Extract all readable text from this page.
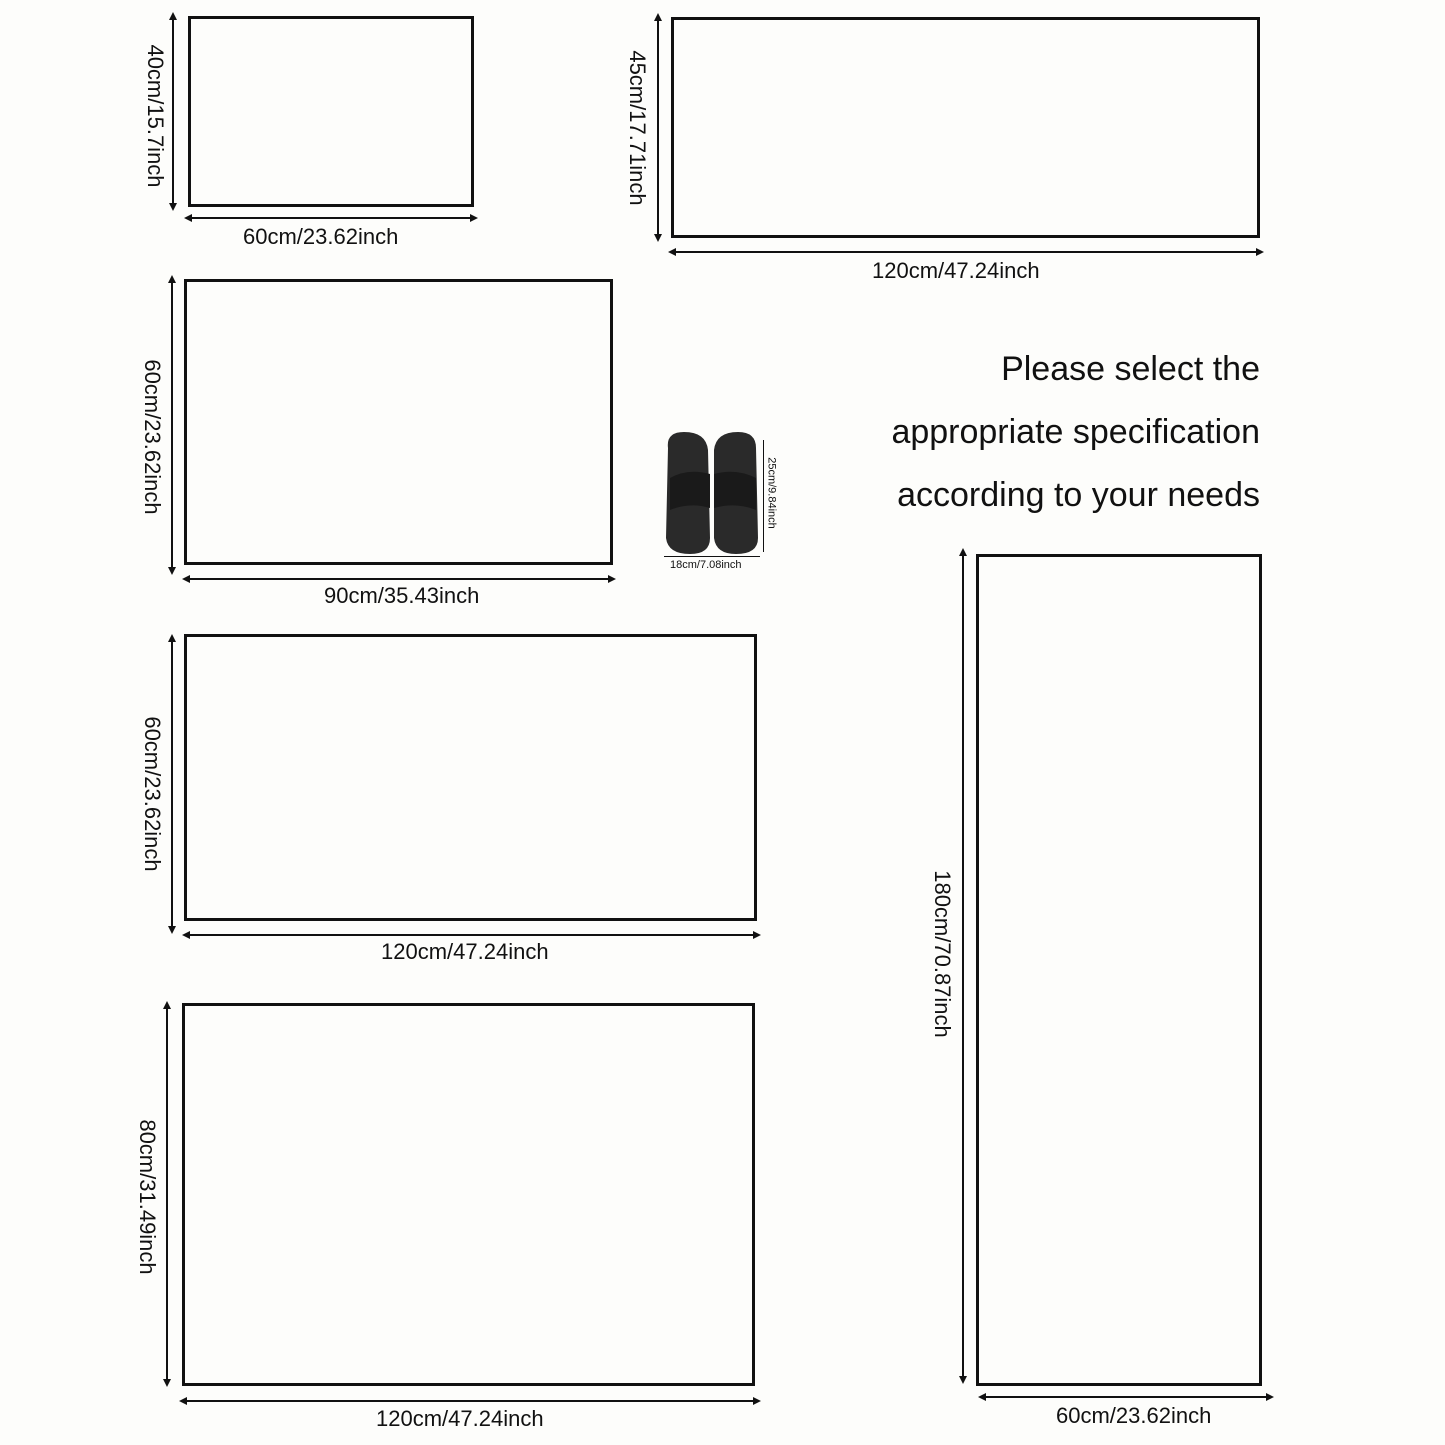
40cm/15.7inch
60cm/23.62inch
45cm/17.71inch
120cm/47.24inch
60cm/23.62inch
90cm/35.43inch
25cm/9.84inch
18cm/7.08inch
Please select the
appropriate specification
according to your needs
60cm/23.62inch
120cm/47.24inch
80cm/31.49inch
120cm/47.24inch
180cm/70.87inch
60cm/23.62inch
